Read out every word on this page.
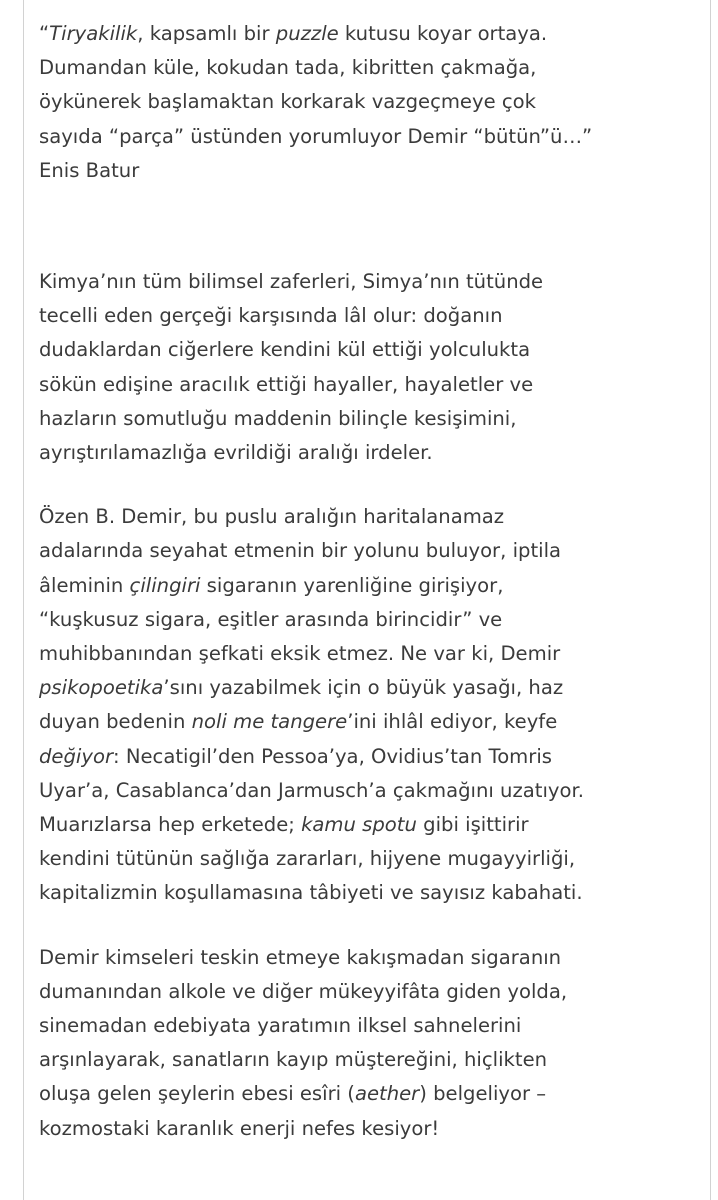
“Tiryakilik, kapsamlı bir puzzle kutusu koyar ortaya.
Dumandan küle, kokudan tada, kibritten çakmağa,
öykünerek başlamaktan korkarak vazgeçmeye çok
sayıda “parça” üstünden yorumluyor Demir “bütün”ü…”
Enis Batur
Kimya’nın tüm bilimsel zaferleri, Simya’nın tütünde
tecelli eden gerçeği karşısında lâl olur: doğanın
dudaklardan ciğerlere kendini kül ettiği yolculukta
sökün edişine aracılık ettiği hayaller, hayaletler ve
hazların somutluğu maddenin bilinçle kesişimini,
ayrıştırılamazlığa evrildiği aralığı irdeler.
Özen B. Demir, bu puslu aralığın haritalanamaz
adalarında seyahat etmenin bir yolunu buluyor, iptila
âleminin çilingiri sigaranın yarenliğine girişiyor,
“kuşkusuz sigara, eşitler arasında birincidir” ve
muhibbanından şefkati eksik etmez. Ne var ki, Demir
psikopoetika’sını yazabilmek için o büyük yasağı, haz
duyan bedenin noli me tangere’ini ihlâl ediyor, keyfe
değiyor: Necatigil’den Pessoa’ya, Ovidius’tan Tomris
Uyar’a, Casablanca’dan Jarmusch’a çakmağını uzatıyor.
Muarızlarsa hep erketede; kamu spotu gibi işittirir
kendini tütünün sağlığa zararları, hijyene mugayyirliği,
kapitalizmin koşullamasına tâbiyeti ve sayısız kabahati.
Demir kimseleri teskin etmeye kakışmadan sigaranın
dumanından alkole ve diğer mükeyyifâta giden yolda,
sinemadan edebiyata yaratımın ilksel sahnelerini
arşınlayarak, sanatların kayıp müştereğini, hiçlikten
oluşa gelen şeylerin ebesi esîri (aether) belgeliyor –
kozmostaki karanlık enerji nefes kesiyor!
